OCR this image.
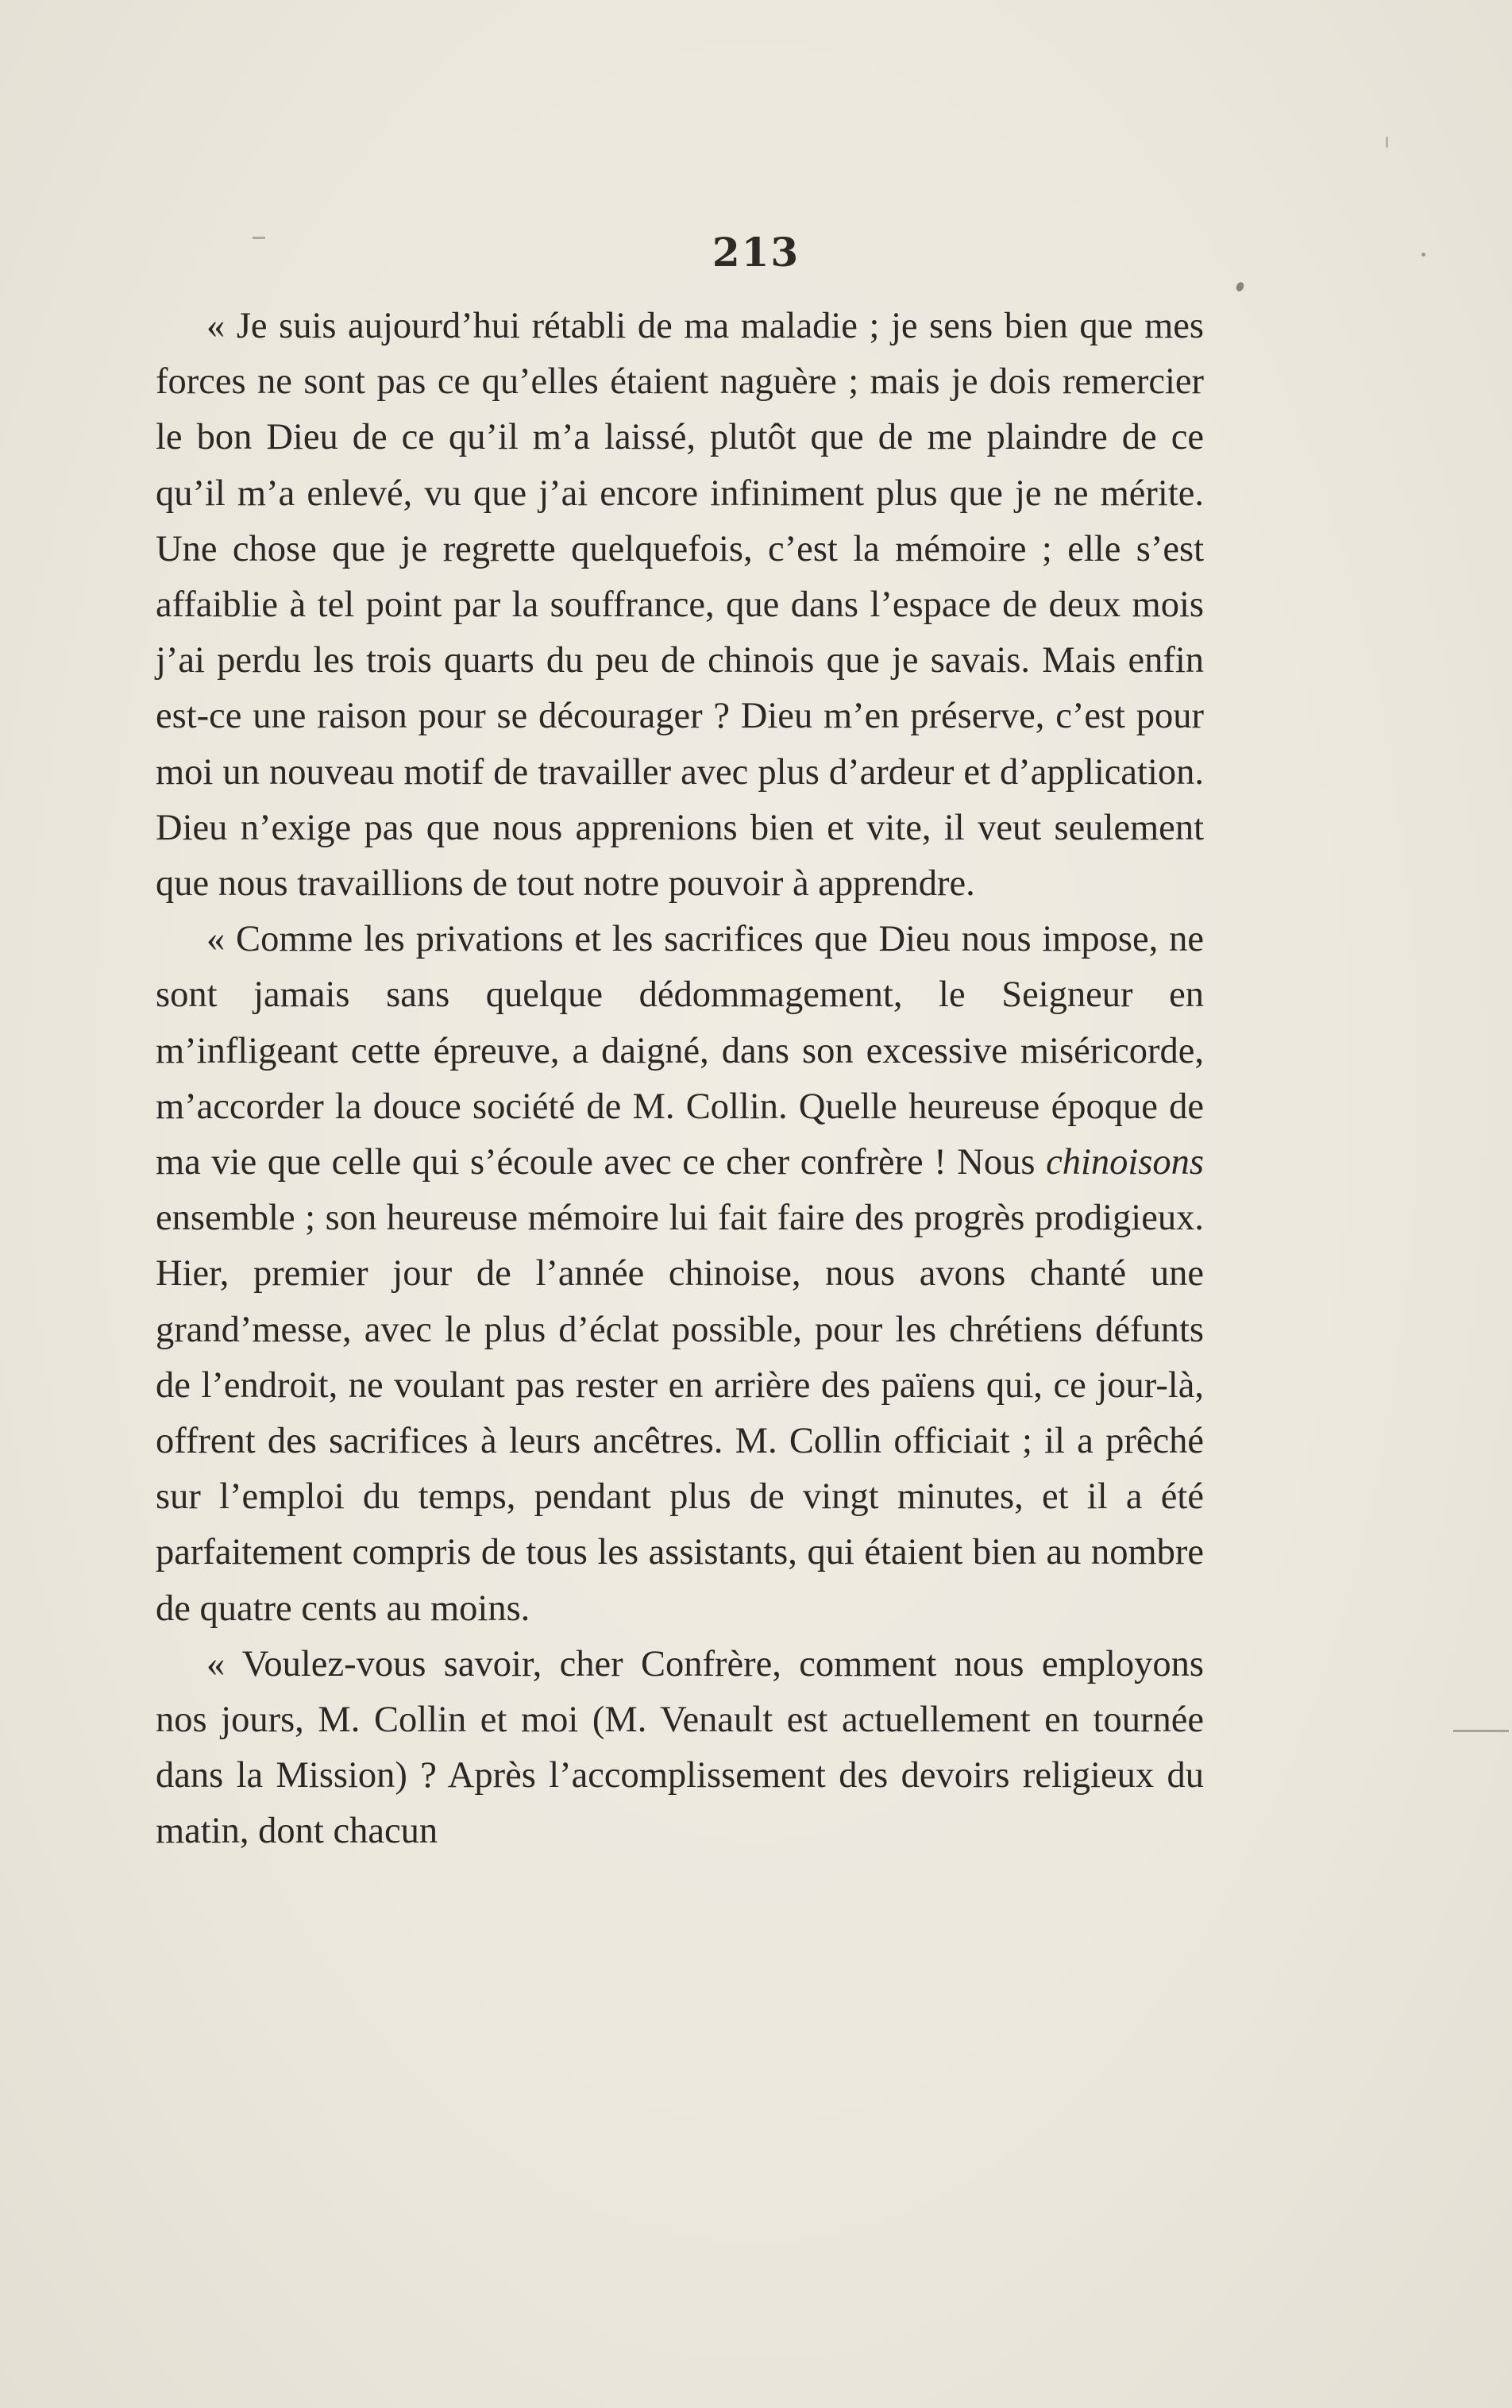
213

« Je suis aujourd’hui rétabli de ma maladie ; je sens bien que mes forces ne sont pas ce qu’elles étaient naguère ; mais je dois remercier le bon Dieu de ce qu’il m’a laissé, plutôt que de me plaindre de ce qu’il m’a enlevé, vu que j’ai encore infiniment plus que je ne mérite. Une chose que je regrette quelquefois, c’est la mémoire ; elle s’est affaiblie à tel point par la souffrance, que dans l’espace de deux mois j’ai perdu les trois quarts du peu de chinois que je savais. Mais enfin est-ce une raison pour se décourager ? Dieu m’en préserve, c’est pour moi un nouveau motif de travailler avec plus d’ardeur et d’application. Dieu n’exige pas que nous apprenions bien et vite, il veut seulement que nous travaillions de tout notre pouvoir à apprendre.

« Comme les privations et les sacrifices que Dieu nous impose, ne sont jamais sans quelque dédommagement, le Seigneur en m’infligeant cette épreuve, a daigné, dans son excessive miséricorde, m’accorder la douce société de M. Collin. Quelle heureuse époque de ma vie que celle qui s’écoule avec ce cher confrère ! Nous chinoisons ensemble ; son heureuse mémoire lui fait faire des progrès prodigieux. Hier, premier jour de l’année chinoise, nous avons chanté une grand’messe, avec le plus d’éclat possible, pour les chrétiens défunts de l’endroit, ne voulant pas rester en arrière des païens qui, ce jour-là, offrent des sacrifices à leurs ancêtres. M. Collin officiait ; il a prêché sur l’emploi du temps, pendant plus de vingt minutes, et il a été parfaitement compris de tous les assistants, qui étaient bien au nombre de quatre cents au moins.

« Voulez-vous savoir, cher Confrère, comment nous employons nos jours, M. Collin et moi (M. Venault est actuellement en tournée dans la Mission) ? Après l’accomplissement des devoirs religieux du matin, dont chacun
